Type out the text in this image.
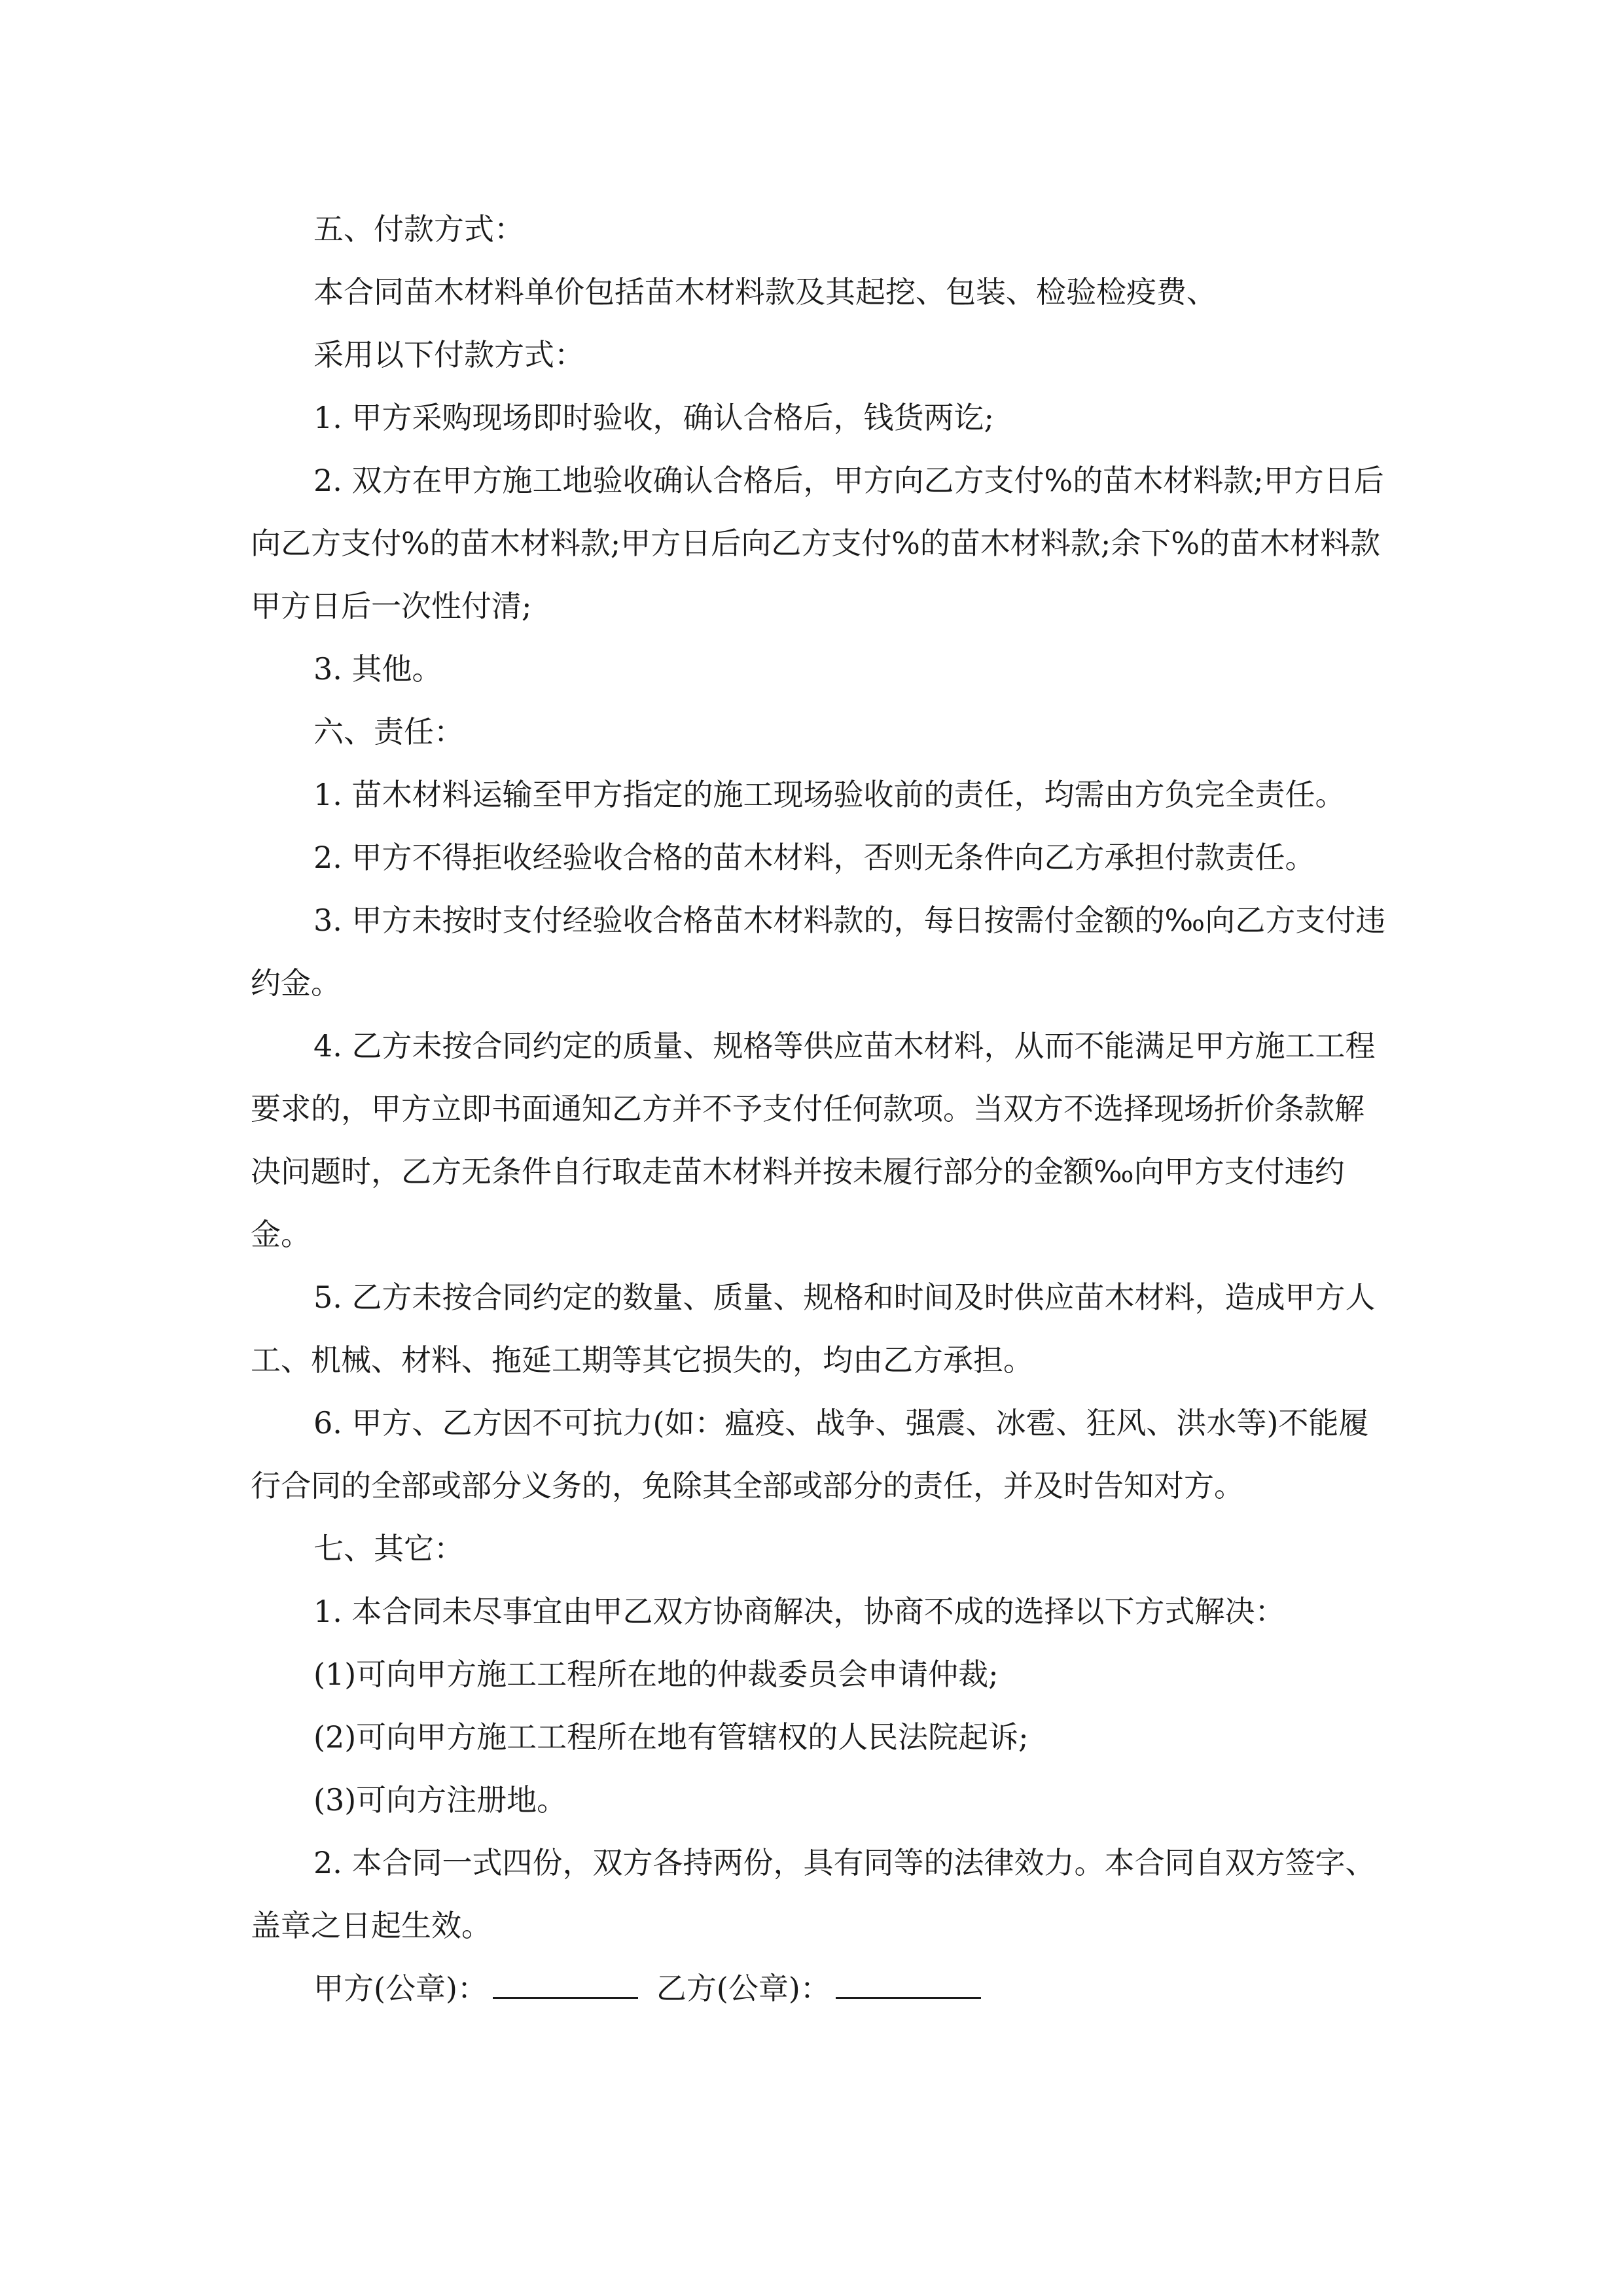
五、付款方式：

本合同苗木材料单价包括苗木材料款及其起挖、包装、检验检疫费、

采用以下付款方式：

1. 甲方采购现场即时验收，确认合格后，钱货两讫;

2. 双方在甲方施工地验收确认合格后，甲方向乙方支付%的苗木材料款;甲方日后向乙方支付%的苗木材料款;甲方日后向乙方支付%的苗木材料款;余下%的苗木材料款甲方日后一次性付清;

3. 其他。

六、责任：

1. 苗木材料运输至甲方指定的施工现场验收前的责任，均需由方负完全责任。

2. 甲方不得拒收经验收合格的苗木材料，否则无条件向乙方承担付款责任。

3. 甲方未按时支付经验收合格苗木材料款的，每日按需付金额的‰向乙方支付违约金。

4. 乙方未按合同约定的质量、规格等供应苗木材料，从而不能满足甲方施工工程要求的，甲方立即书面通知乙方并不予支付任何款项。当双方不选择现场折价条款解决问题时，乙方无条件自行取走苗木材料并按未履行部分的金额‰向甲方支付违约金。

5. 乙方未按合同约定的数量、质量、规格和时间及时供应苗木材料，造成甲方人工、机械、材料、拖延工期等其它损失的，均由乙方承担。

6. 甲方、乙方因不可抗力(如：瘟疫、战争、强震、冰雹、狂风、洪水等)不能履行合同的全部或部分义务的，免除其全部或部分的责任，并及时告知对方。

七、其它：

1. 本合同未尽事宜由甲乙双方协商解决，协商不成的选择以下方式解决：

(1)可向甲方施工工程所在地的仲裁委员会申请仲裁;

(2)可向甲方施工工程所在地有管辖权的人民法院起诉;

(3)可向方注册地。

2. 本合同一式四份，双方各持两份，具有同等的法律效力。本合同自双方签字、盖章之日起生效。

甲方(公章)：	乙方(公章)：
